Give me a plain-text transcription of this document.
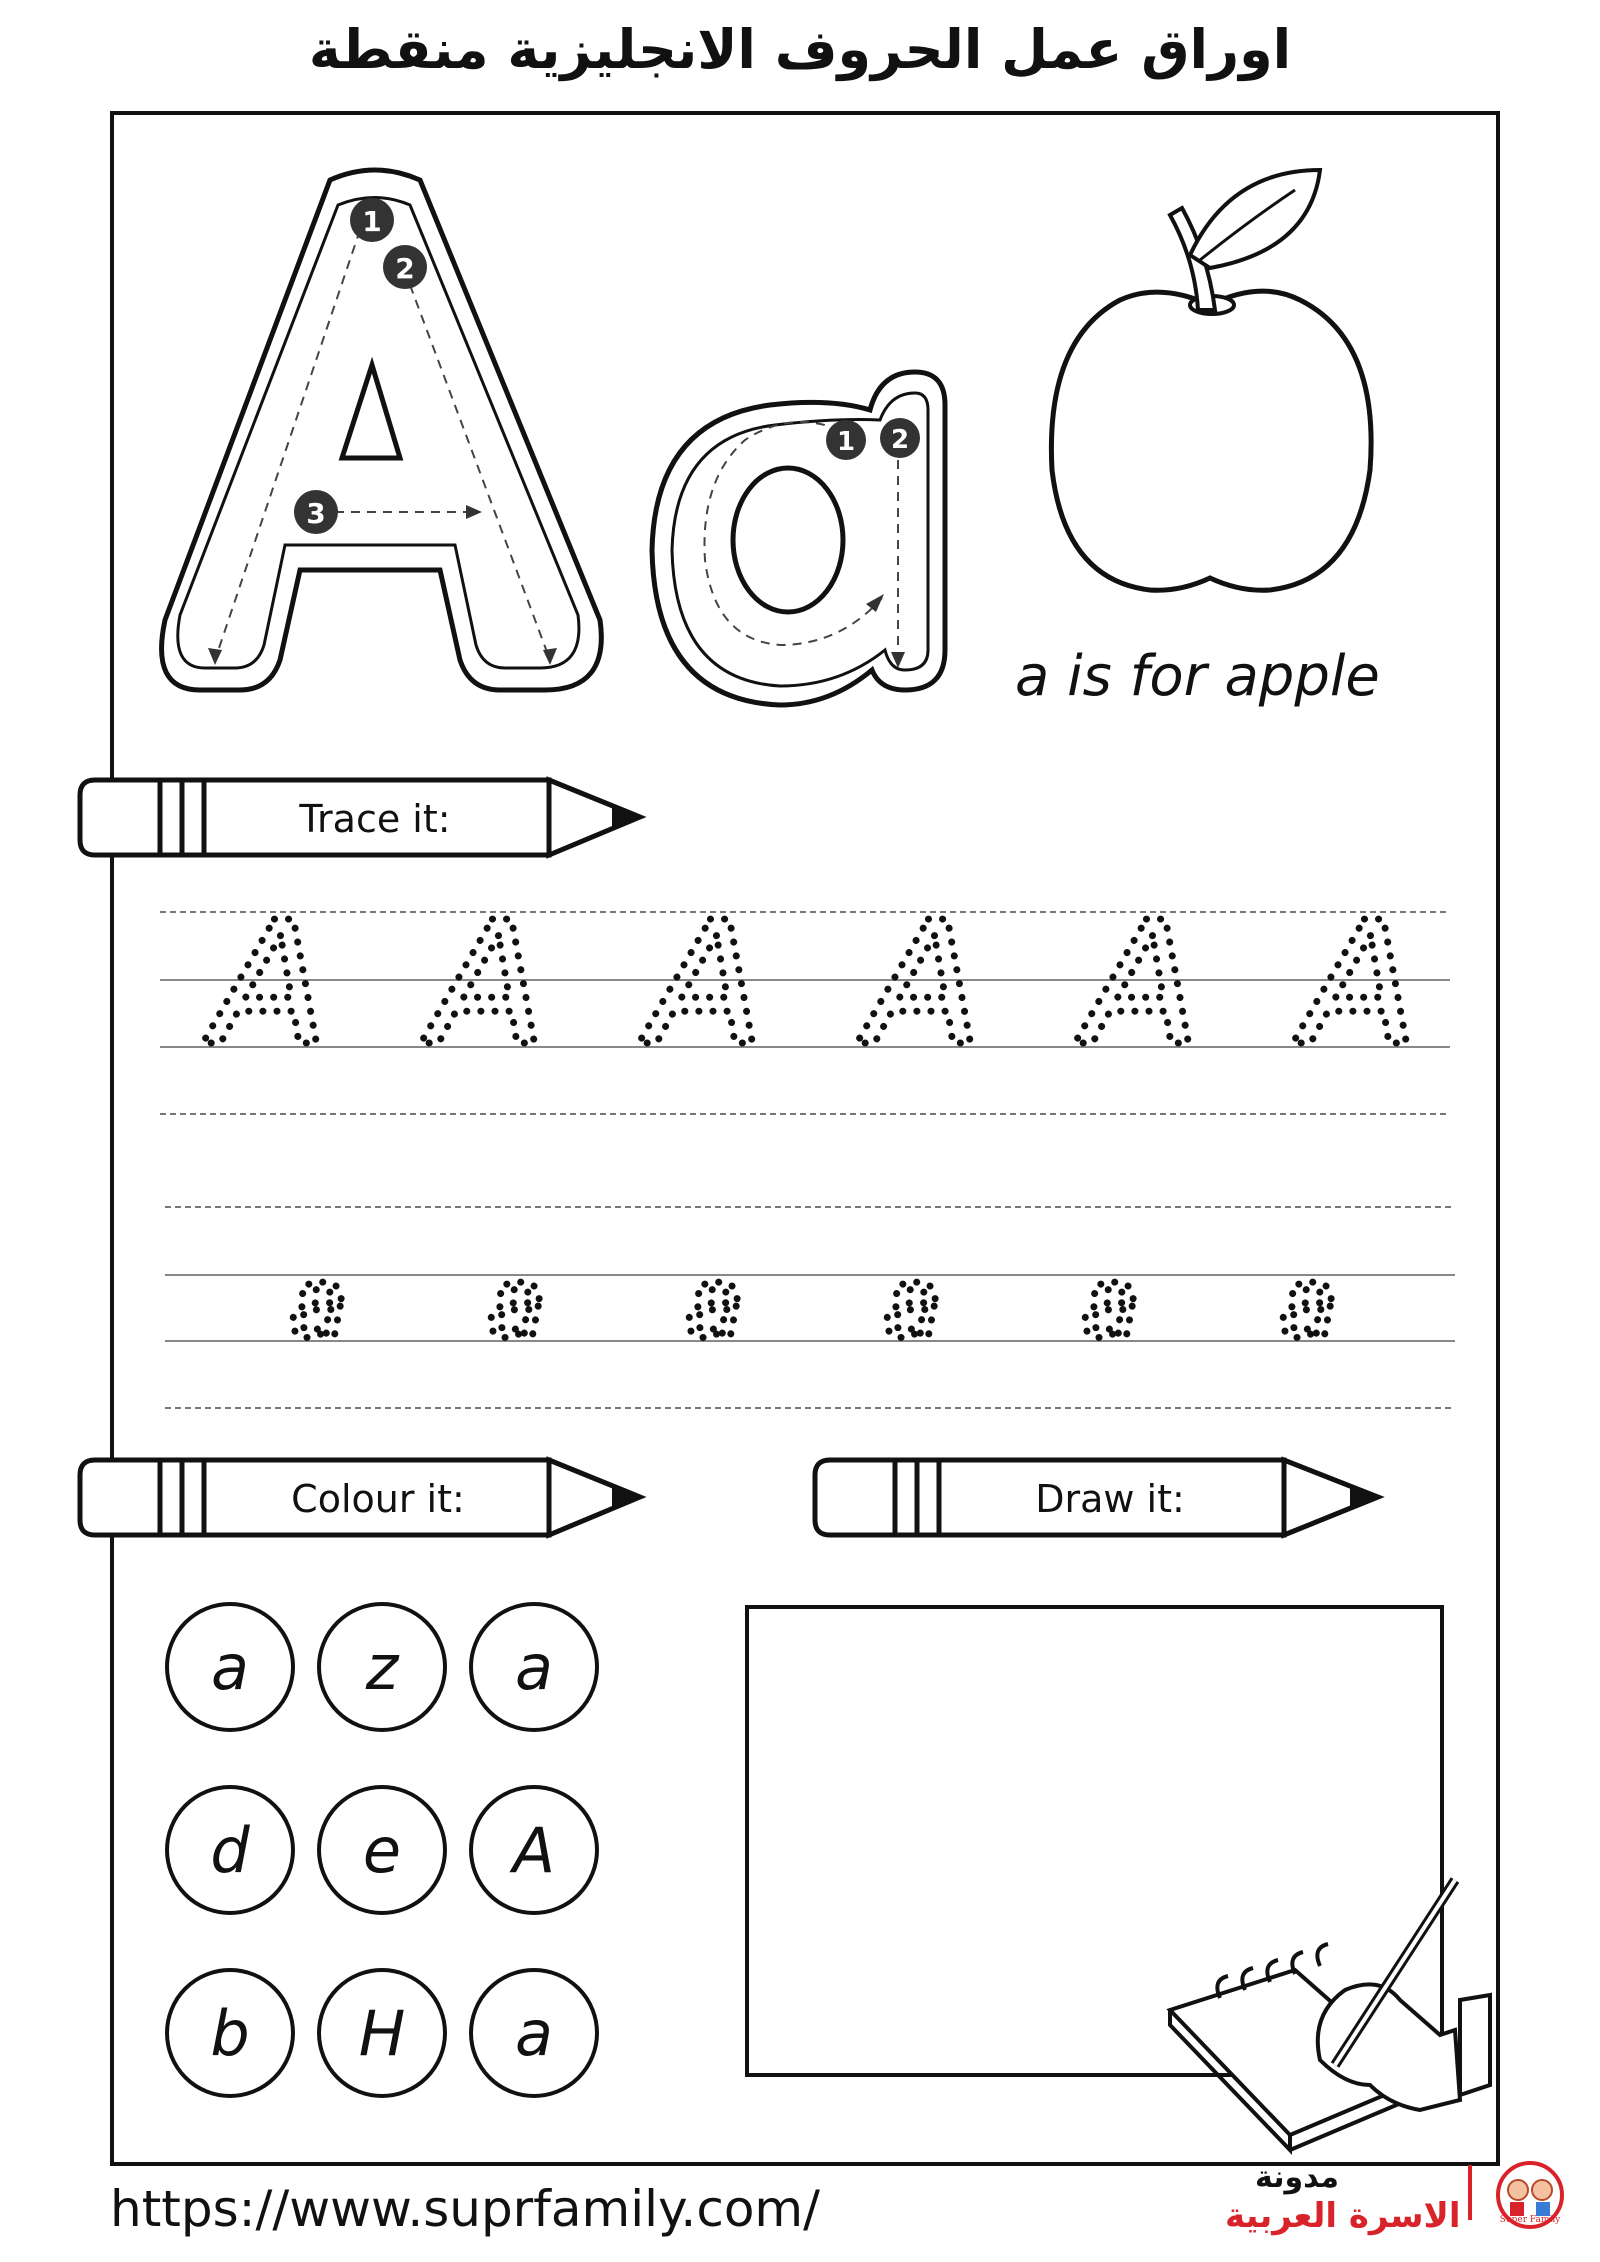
اوراق عمل الحروف الانجليزية منقطة
1
2
3
1 2
a is for apple
Trace it:
A A A A A A
a a a a a a
Colour it:	Draw it:
a z a
d e A
b H a
Super Family
https://www.suprfamily.com/
مدونة
الاسرة العربية
